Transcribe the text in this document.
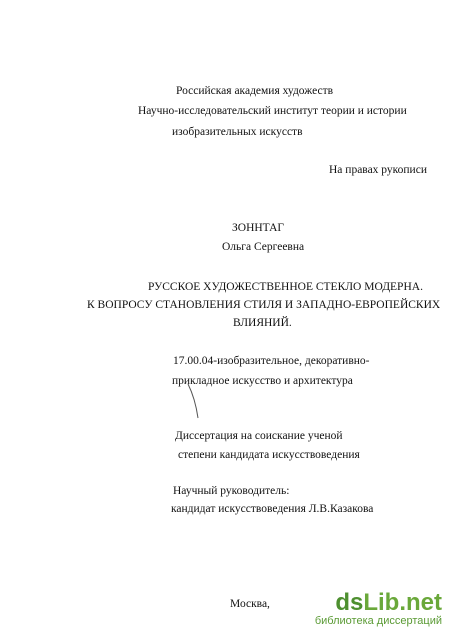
Российская академия художеств
Научно-исследовательский институт теории и истории
изобразительных искусств
На правах рукописи
ЗОННТАГ
Ольга Сергеевна
РУССКОЕ ХУДОЖЕСТВЕННОЕ СТЕКЛО МОДЕРНА.
К ВОПРОСУ СТАНОВЛЕНИЯ СТИЛЯ И ЗАПАДНО-ЕВРОПЕЙСКИХ
ВЛИЯНИЙ.
17.00.04-изобразительное, декоративно-
прикладное искусство и архитектура
Диссертация на соискание ученой
степени кандидата искусствоведения
Научный руководитель:
кандидат искусствоведения Л.В.Казакова
Москва,	dsLib.net
библиотека диссертаций
